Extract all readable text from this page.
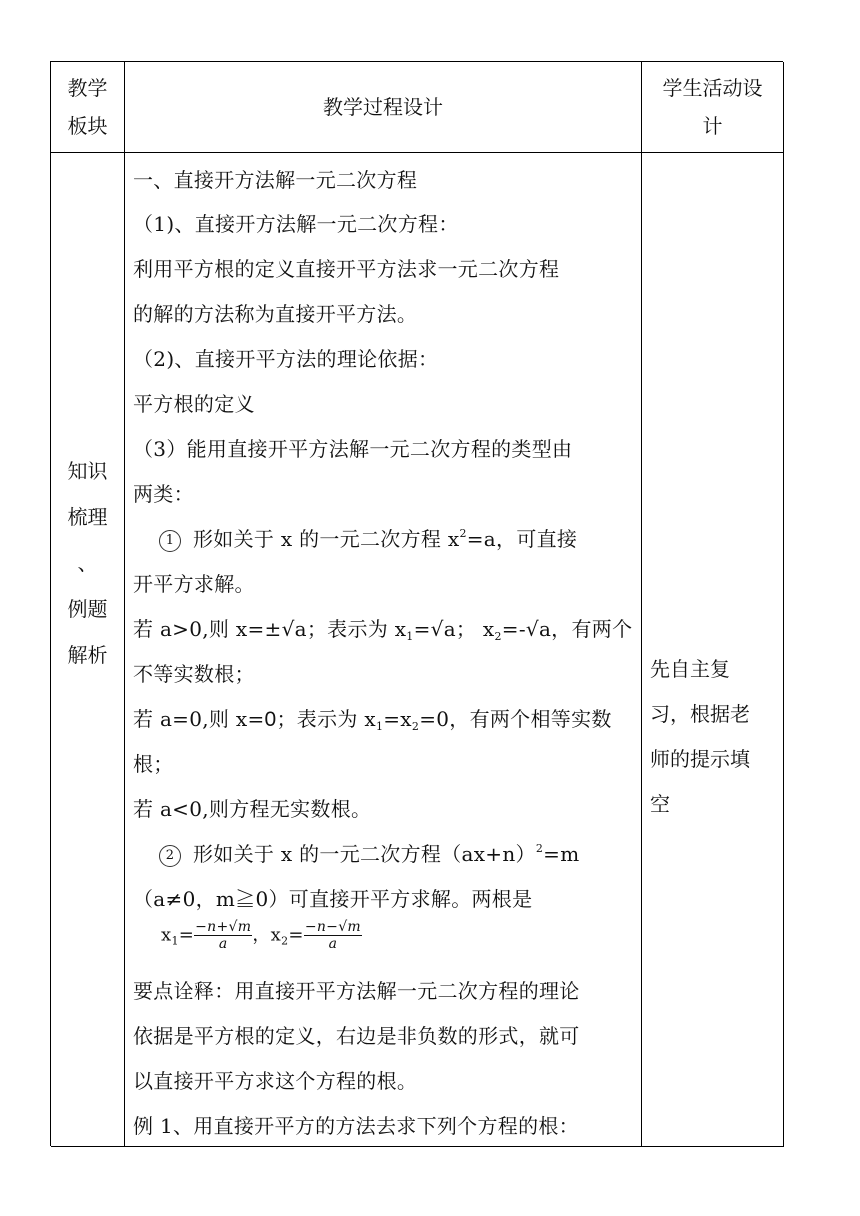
教学
板块
教学过程设计
学生活动设
计
知识
梳理
、
例题
解析
一、直接开方法解一元二次方程
（1)、直接开方法解一元二次方程：
利用平方根的定义直接开平方法求一元二次方程
的解的方法称为直接开平方法。
（2)、直接开平方法的理论依据：
平方根的定义
（3）能用直接开平方法解一元二次方程的类型由
两类：
1 形如关于 x 的一元二次方程 $x^2=a$，可直接
开平方求解。
若 a>0,则 x=±√a；表示为 $x_1=√a$； $x_2=-√a$，有两个
不等实数根；
若 a=0,则 x=0；表示为 $x_1=x_2=0$，有两个相等实数
根；
若 a<0,则方程无实数根。
2 形如关于 x 的一元二次方程$(ax+n)^2=m$
（a≠0，m≧0）可直接开平方求解。两根是
$x_1= \frac{-n+√m}{a}$ ，$x_2= \frac{-n-√m}{a}$
要点诠释：用直接开平方法解一元二次方程的理论
依据是平方根的定义，右边是非负数的形式，就可
以直接开平方求这个方程的根。
例 1、用直接开平方的方法去求下列个方程的根：
先自主复
习，根据老
师的提示填
空
